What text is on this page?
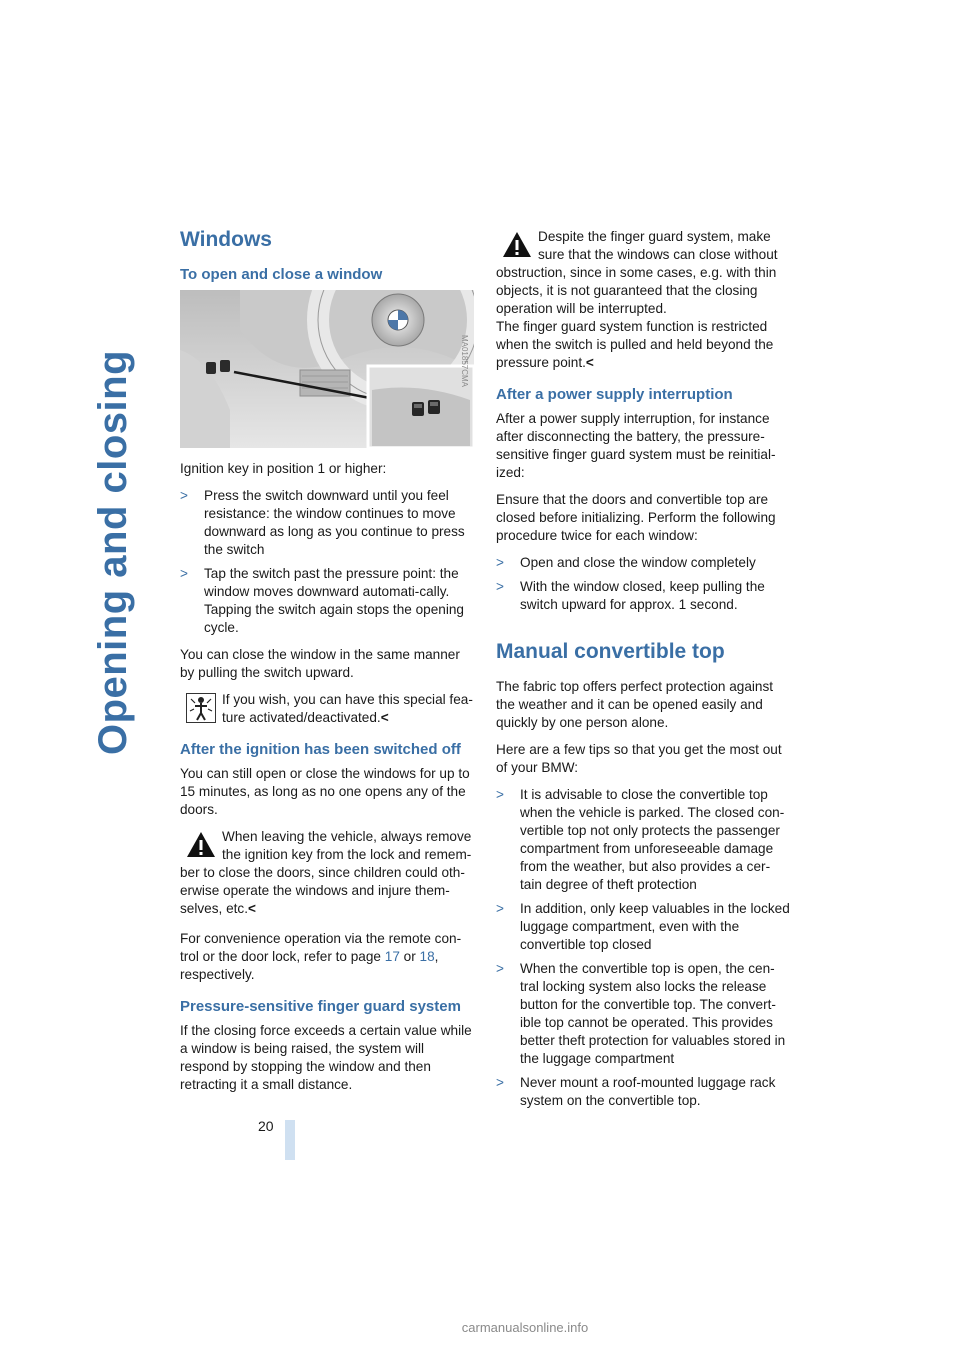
Opening and closing
Windows
To open and close a window
MA01857CMA

Ignition key in position 1 or higher:

> Press the switch downward until you feel resistance: the window continues to move downward as long as you continue to press the switch
> Tap the switch past the pressure point: the window moves downward automati-cally. Tapping the switch again stops the opening cycle.

You can close the window in the same manner by pulling the switch upward.

If you wish, you can have this special fea-ture activated/deactivated.<
After the ignition has been switched off

You can still open or close the windows for up to 15 minutes, as long as no one opens any of the doors.

When leaving the vehicle, always remove the ignition key from the lock and remem-ber to close the doors, since children could oth-erwise operate the windows and injure them-selves, etc.<

For convenience operation via the remote con-trol or the door lock, refer to page 17 or 18, respectively.

Pressure-sensitive finger guard system

If the closing force exceeds a certain value while a window is being raised, the system will respond by stopping the window and then retracting it a small distance.

Despite the finger guard system, make sure that the windows can close without obstruction, since in some cases, e.g. with thin objects, it is not guaranteed that the closing operation will be interrupted.
The finger guard system function is restricted when the switch is pulled and held beyond the pressure point.<
After a power supply interruption

After a power supply interruption, for instance after disconnecting the battery, the pressure-sensitive finger guard system must be reinitial-ized:

Ensure that the doors and convertible top are closed before initializing. Perform the following procedure twice for each window:

> Open and close the window completely
> With the window closed, keep pulling the switch upward for approx. 1 second.
Manual convertible top

The fabric top offers perfect protection against the weather and it can be opened easily and quickly by one person alone.

Here are a few tips so that you get the most out of your BMW:

> It is advisable to close the convertible top when the vehicle is parked. The closed con-vertible top not only protects the passenger compartment from unforeseeable damage from the weather, but also provides a cer-tain degree of theft protection
> In addition, only keep valuables in the locked luggage compartment, even with the convertible top closed
> When the convertible top is open, the cen-tral locking system also locks the release button for the convertible top. The convert-ible top cannot be operated. This provides better theft protection for valuables stored in the luggage compartment
> Never mount a roof-mounted luggage rack system on the convertible top.
20
carmanualsonline.info
